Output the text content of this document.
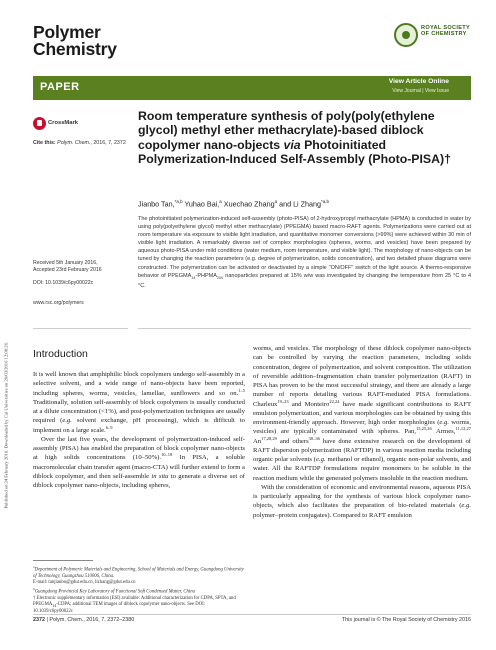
Published on 24 February 2016. Downloaded by Cal Universities on 26/03/2016 12:08:26.
Polymer
Chemistry
ROYAL SOCIETY
OF CHEMISTRY
PAPER	View Article Online
View Journal | View Issue
CrossMark
Cite this: Polym. Chem., 2016, 7, 2372
Room temperature synthesis of poly(poly(ethylene glycol) methyl ether methacrylate)-based diblock copolymer nano-objects via Photoinitiated Polymerization-Induced Self-Assembly (Photo-PISA)†
Jianbo Tan,$^{*a,b}$ Yuhao Bai,$^a$ Xuechao Zhang$^a$ and Li Zhang$^{*a,b}$
The photoinitiated polymerization-induced self-assembly (photo-PISA) of 2-hydroxypropyl methacrylate (HPMA) is conducted in water by using poly(polyethylene glycol) methyl ether methacrylate) (PPEGMA) based macro-RAFT agents. Polymerizations were carried out at room temperature via exposure to visible light irradiation, and quantitative monomer conversions (>99%) were achieved within 30 min of visible light irradiation. A remarkably diverse set of complex morphologies (spheres, worms, and vesicles) have been prepared by aqueous photo-PISA under mild conditions (water medium, room temperature, and visible light). The morphology of nano-objects can be tuned by changing the reaction parameters (e.g. degree of polymerization, solids concentration), and two detailed phase diagrams were constructed. The polymerization can be activated or deactivated by a simple "ON/OFF" switch of the light source. A thermo-responsive behavior of $PPEGMA_{14}-PHPMA_{200}$ nanoparticles prepared at 15% w/w was investigated by changing the temperature from 25 °C to 4 °C.
Received 5th January 2016,
Accepted 23rd February 2016
DOI: 10.1039/c6py00022c
www.rsc.org/polymers
Introduction

It is well known that amphiphilic block copolymers undergo self-assembly in a selective solvent, and a wide range of nano-objects have been reported, including spheres, worms, vesicles, lamellae, sunflowers and so on.$^{1-5}$ Traditionally, solution self-assembly of block copolymers is usually conducted at a dilute concentration (<1%), and post-polymerization techniques are usually required (e.g. solvent exchange, pH processing), which is difficult to implement on a large scale.$^{6-9}$

Over the last five years, the development of polymerization-induced self-assembly (PISA) has enabled the preparation of block copolymer nano-objects at high solids concentrations (10–50%).$^{10-18}$ In PISA, a soluble macromolecular chain transfer agent (macro-CTA) will further extend to form a diblock copolymer, and then self-assemble in situ to generate a diverse set of diblock copolymer nano-objects, including spheres,

worms, and vesicles. The morphology of these diblock copolymer nano-objects can be controlled by varying the reaction parameters, including solids concentration, degree of polymerization, and solvent composition. The utilization of reversible addition–fragmentation chain transfer polymerization (RAFT) in PISA has proven to be the most successful strategy, and there are already a large number of reports detailing various RAFT-mediated PISA formulations. Charleux$^{19-23}$ and Monteiro$^{22,24}$ have made significant contributions to RAFT emulsion polymerization, and various morphologies can be obtained by using this environment-friendly approach. However, high order morphologies (e.g. worms, vesicles) are typically contaminated with spheres. Pan,$^{15,25,26}$ Armes,$^{11,12,27}$ An$^{17,28,29}$ and others$^{30-36}$ have done extensive research on the development of RAFT dispersion polymerization (RAFTDP) in various reaction media including organic polar solvents (e.g. methanol or ethanol), organic non-polar solvents, and water. All the RAFTDP formulations require monomers to be soluble in the reaction medium while the generated polymers insoluble in the reaction medium.

With the consideration of economic and environmental reasons, aqueous PISA is particularly appealing for the synthesis of various block copolymer nano-objects, which also facilitates the preparation of bio-related materials (e.g. polymer–protein conjugates). Compared to RAFT emulsion

$^a$Department of Polymeric Materials and Engineering, School of Materials and Energy, Guangdong University of Technology, Guangzhou 510006, China.
E-mail: tanjianbo@gdut.edu.cn, lizhang@gdut.edu.cn
$^b$Guangdong Provincial Key Laboratory of Functional Soft Condensed Matter, China
† Electronic supplementary information (ESI) available: Additional characterization for CDPA, SPTA, and $PPEGMA_{14}$-CDPA; additional TEM images of diblock copolymer nano-objects. See DOI: 10.1039/c6py00022c
2372 | Polym. Chem., 2016, 7, 2372–2380	This journal is © The Royal Society of Chemistry 2016
